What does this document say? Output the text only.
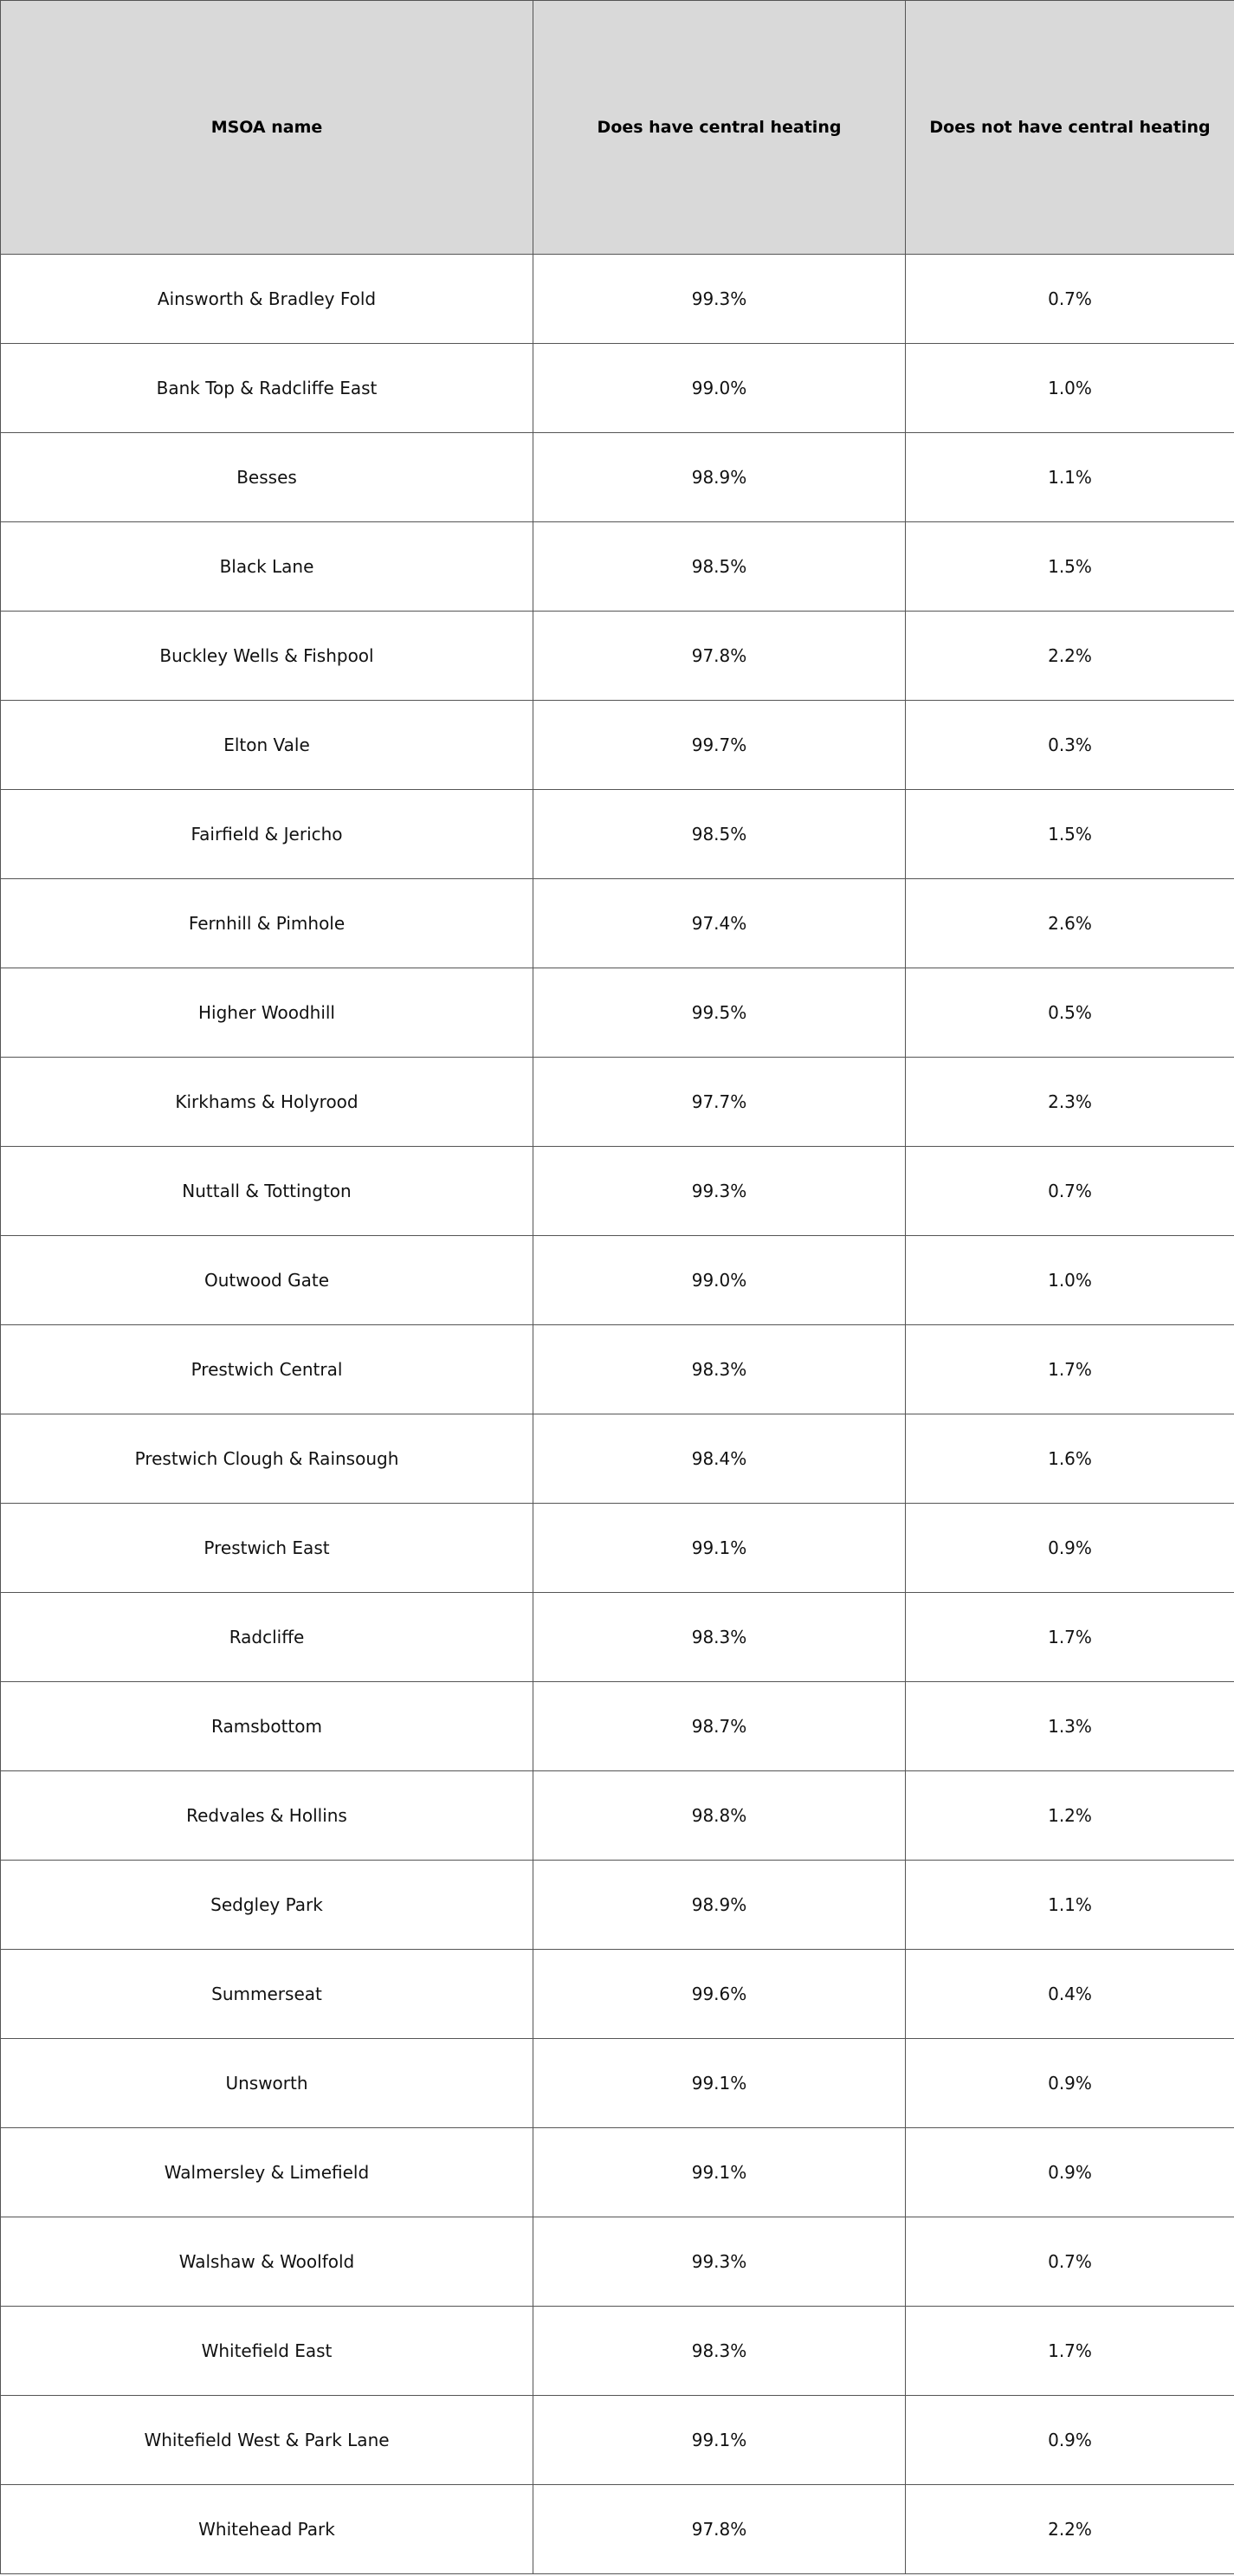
MSOA name	Does have central heating	Does not have central heating
Ainsworth & Bradley Fold	99.3%	0.7%
Bank Top & Radcliffe East	99.0%	1.0%
Besses	98.9%	1.1%
Black Lane	98.5%	1.5%
Buckley Wells & Fishpool	97.8%	2.2%
Elton Vale	99.7%	0.3%
Fairfield & Jericho	98.5%	1.5%
Fernhill & Pimhole	97.4%	2.6%
Higher Woodhill	99.5%	0.5%
Kirkhams & Holyrood	97.7%	2.3%
Nuttall & Tottington	99.3%	0.7%
Outwood Gate	99.0%	1.0%
Prestwich Central	98.3%	1.7%
Prestwich Clough & Rainsough	98.4%	1.6%
Prestwich East	99.1%	0.9%
Radcliffe	98.3%	1.7%
Ramsbottom	98.7%	1.3%
Redvales & Hollins	98.8%	1.2%
Sedgley Park	98.9%	1.1%
Summerseat	99.6%	0.4%
Unsworth	99.1%	0.9%
Walmersley & Limefield	99.1%	0.9%
Walshaw & Woolfold	99.3%	0.7%
Whitefield East	98.3%	1.7%
Whitefield West & Park Lane	99.1%	0.9%
Whitehead Park	97.8%	2.2%
